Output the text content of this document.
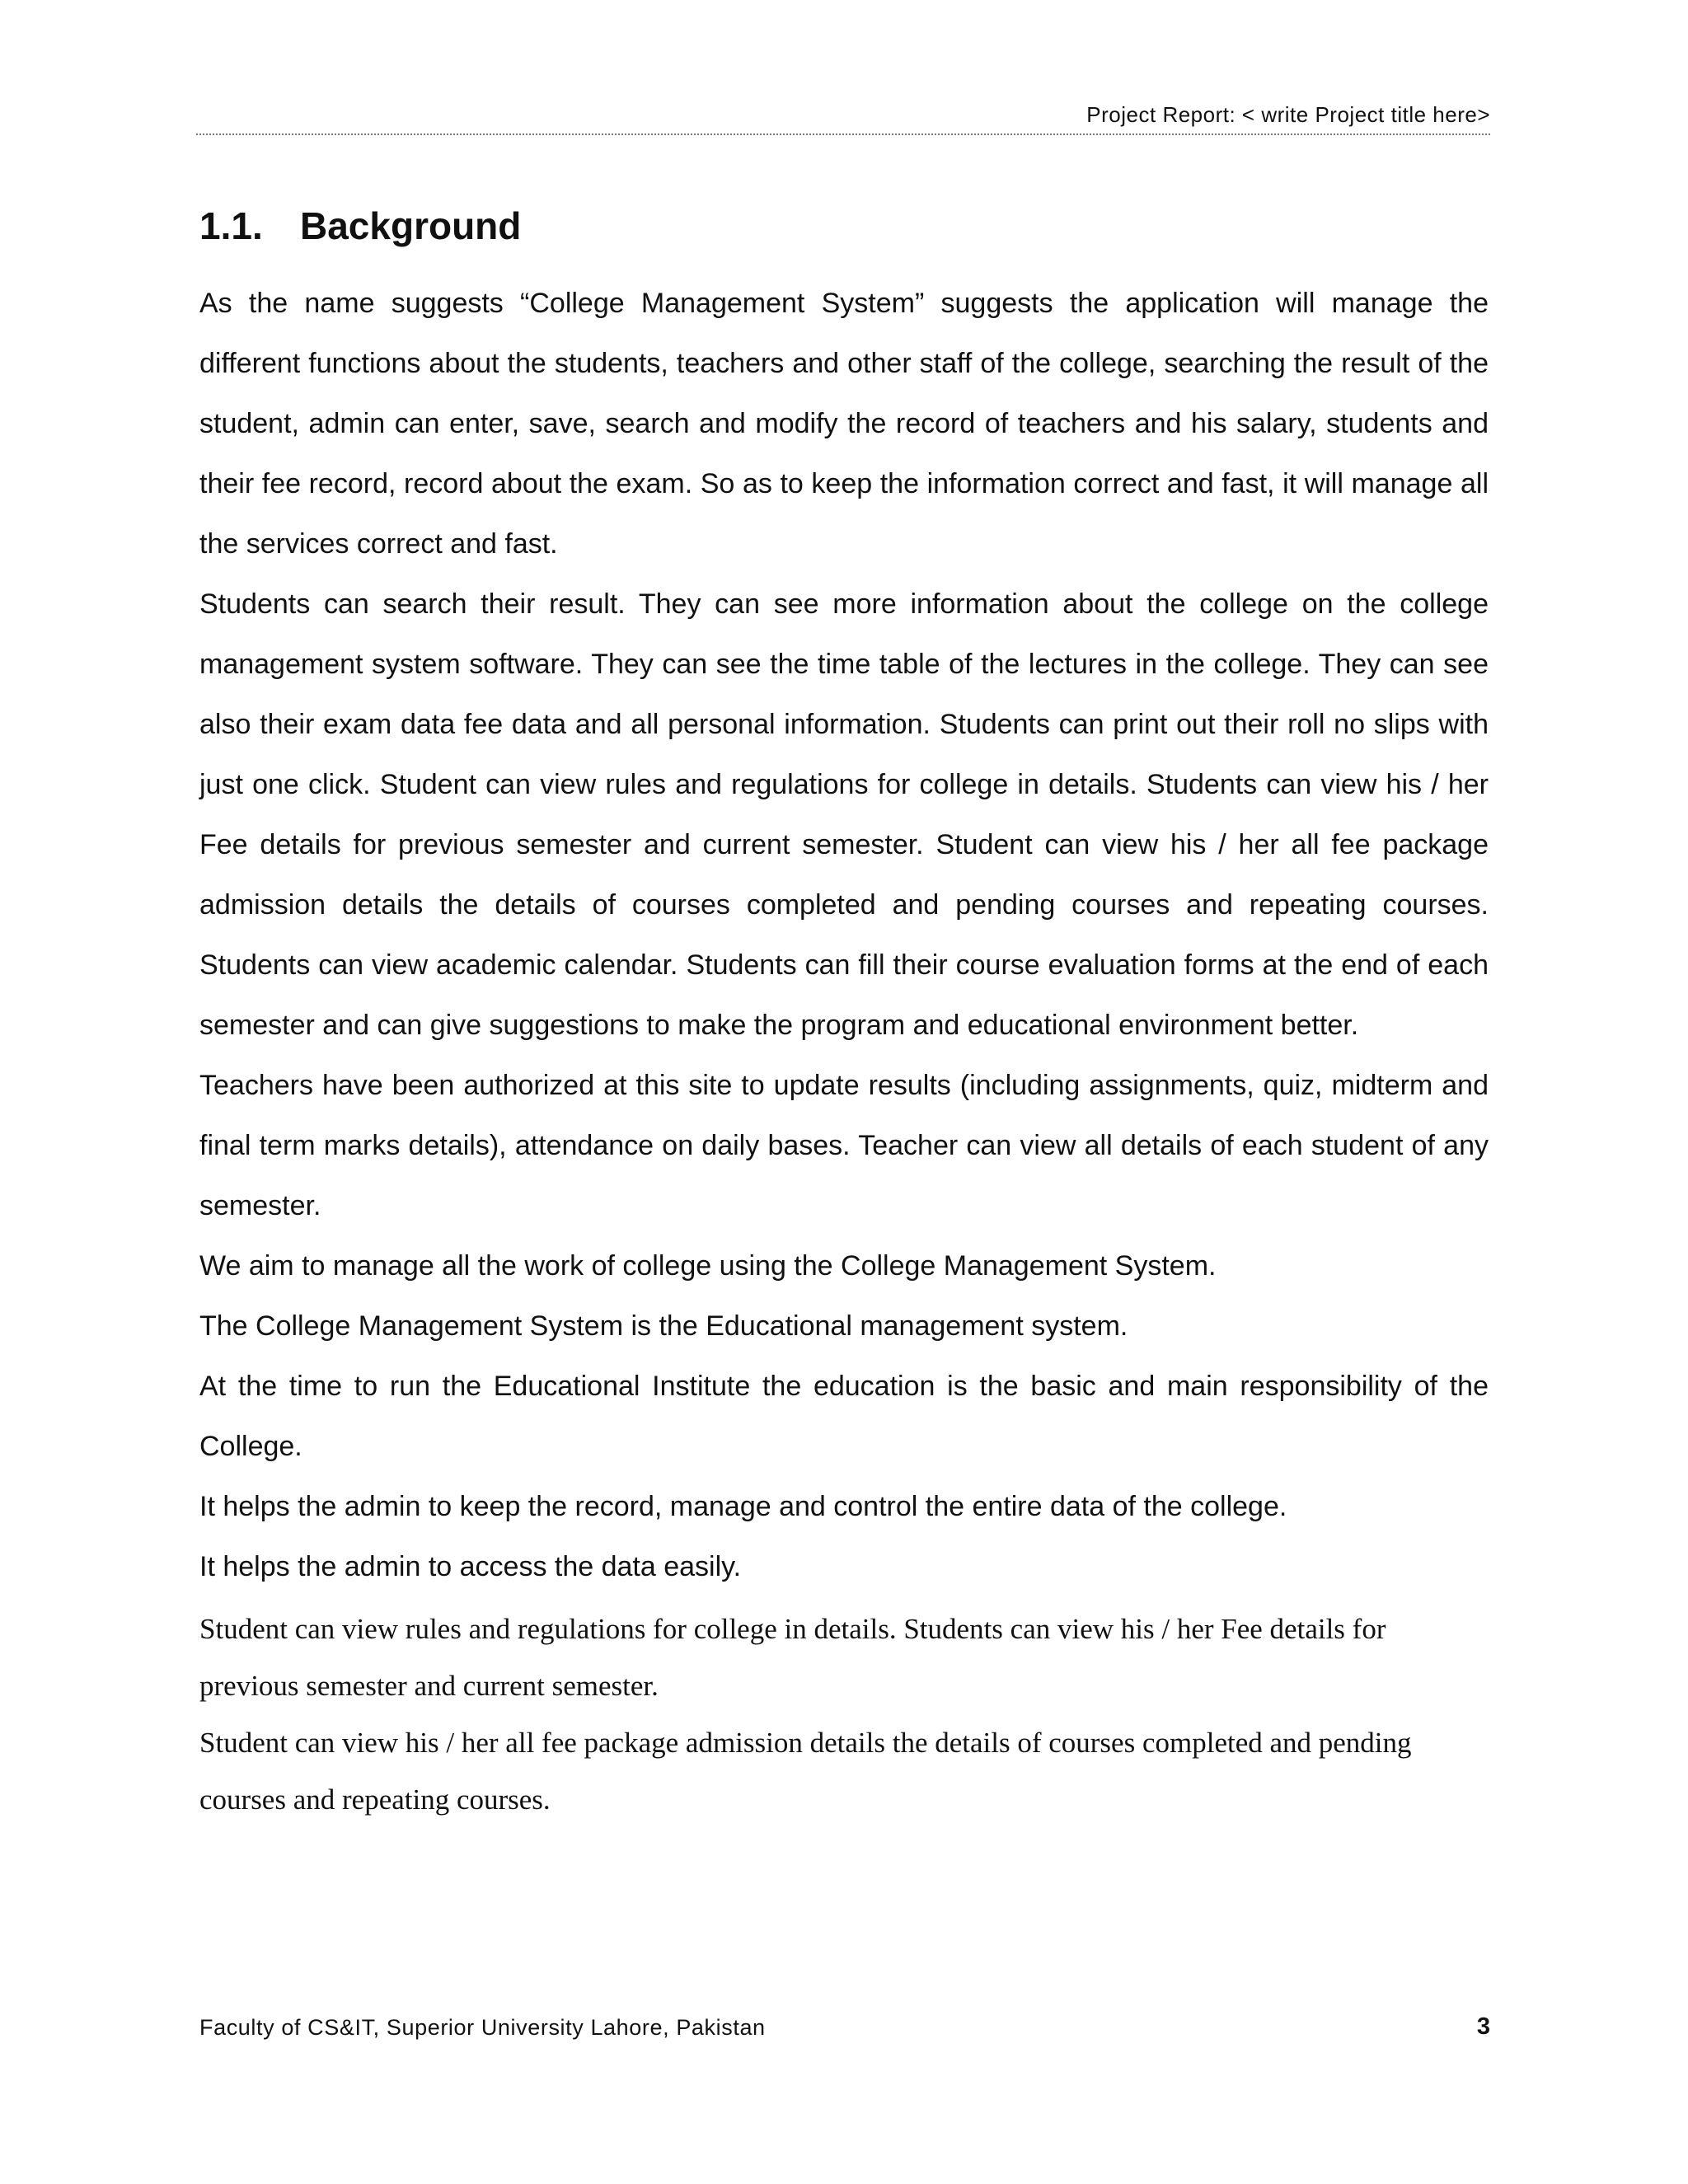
Project Report: < write Project title here>
1.1. Background

As the name suggests “College Management System” suggests the application will manage the different functions about the students, teachers and other staff of the college, searching the result of the student, admin can enter, save, search and modify the record of teachers and his salary, students and their fee record, record about the exam. So as to keep the information correct and fast, it will manage all the services correct and fast.

Students can search their result. They can see more information about the college on the college management system software. They can see the time table of the lectures in the college. They can see also their exam data fee data and all personal information. Students can print out their roll no slips with just one click. Student can view rules and regulations for college in details. Students can view his / her Fee details for previous semester and current semester. Student can view his / her all fee package admission details the details of courses completed and pending courses and repeating courses. Students can view academic calendar. Students can fill their course evaluation forms at the end of each semester and can give suggestions to make the program and educational environment better.

Teachers have been authorized at this site to update results (including assignments, quiz, midterm and final term marks details), attendance on daily bases. Teacher can view all details of each student of any semester.

We aim to manage all the work of college using the College Management System.

The College Management System is the Educational management system.

At the time to run the Educational Institute the education is the basic and main responsibility of the College.

It helps the admin to keep the record, manage and control the entire data of the college.

It helps the admin to access the data easily.

Student can view rules and regulations for college in details. Students can view his / her Fee details for previous semester and current semester.

Student can view his / her all fee package admission details the details of courses completed and pending courses and repeating courses.

Faculty of CS&IT, Superior University Lahore, Pakistan	3
